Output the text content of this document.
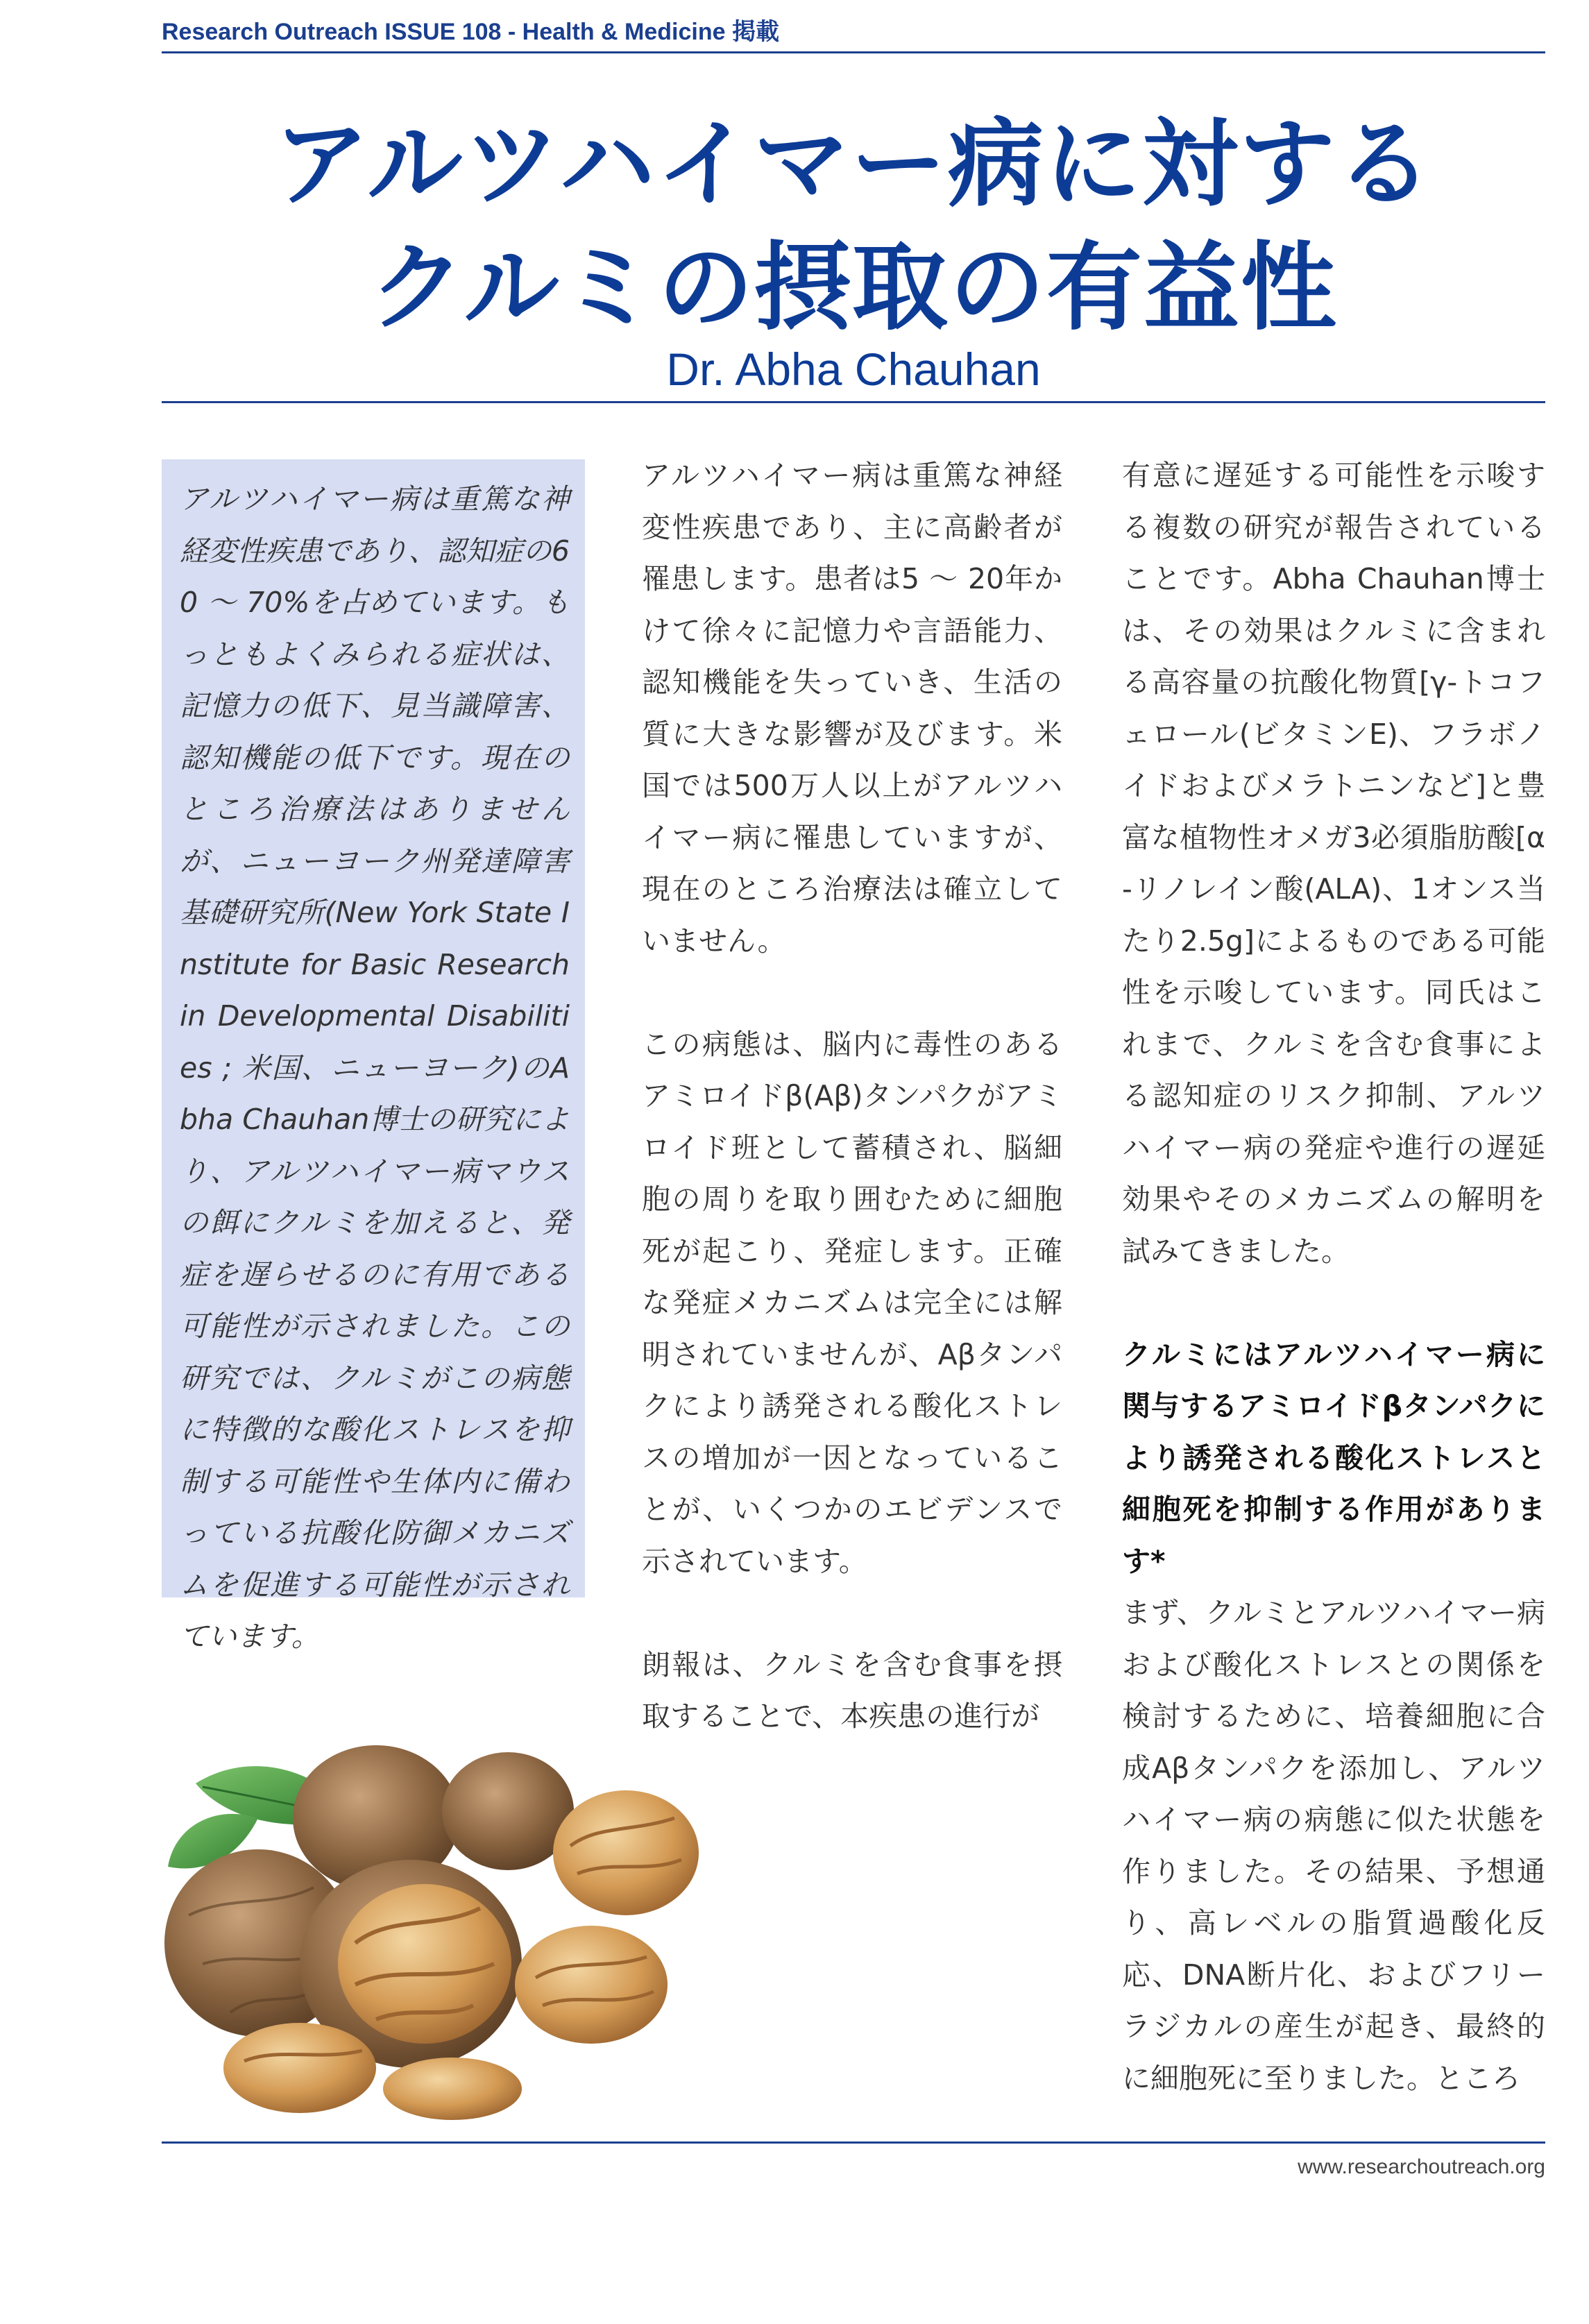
Research Outreach ISSUE 108 - Health & Medicine 掲載
アルツハイマー病に対する
クルミの摂取の有益性
Dr. Abha Chauhan

アルツハイマー病は重篤な神経変性疾患であり、認知症の60 ～ 70%を占めています。もっともよくみられる症状は、記憶力の低下、見当識障害、認知機能の低下です。現在のところ治療法はありませんが、ニューヨーク州発達障害基礎研究所(New York State Institute for Basic Research in Developmental Disabilities ; 米国、ニューヨーク)のAbha Chauhan博士の研究により、アルツハイマー病マウスの餌にクルミを加えると、発症を遅らせるのに有用である可能性が示されました。この研究では、クルミがこの病態に特徴的な酸化ストレスを抑制する可能性や生体内に備わっている抗酸化防御メカニズムを促進する可能性が示されています。

アルツハイマー病は重篤な神経変性疾患であり、主に高齢者が罹患します。患者は5 ～ 20年かけて徐々に記憶力や言語能力、認知機能を失っていき、生活の質に大きな影響が及びます。米国では500万人以上がアルツハイマー病に罹患していますが、現在のところ治療法は確立していません。

この病態は、脳内に毒性のあるアミロイドβ(Aβ)タンパクがアミロイド班として蓄積され、脳細胞の周りを取り囲むために細胞死が起こり、発症します。正確な発症メカニズムは完全には解明されていませんが、Aβタンパクにより誘発される酸化ストレスの増加が一因となっていることが、いくつかのエビデンスで示されています。

朗報は、クルミを含む食事を摂取することで、本疾患の進行が

有意に遅延する可能性を示唆する複数の研究が報告されていることです。Abha Chauhan博士は、その効果はクルミに含まれる高容量の抗酸化物質[γ-トコフェロール(ビタミンE)、フラボノイドおよびメラトニンなど]と豊富な植物性オメガ3必須脂肪酸[α-リノレイン酸(ALA)、1オンス当たり2.5g]によるものである可能性を示唆しています。同氏はこれまで、クルミを含む食事による認知症のリスク抑制、アルツハイマー病の発症や進行の遅延効果やそのメカニズムの解明を試みてきました。

クルミにはアルツハイマー病に関与するアミロイドβタンパクにより誘発される酸化ストレスと細胞死を抑制する作用があります*

まず、クルミとアルツハイマー病および酸化ストレスとの関係を検討するために、培養細胞に合成Aβタンパクを添加し、アルツハイマー病の病態に似た状態を作りました。その結果、予想通り、高レベルの脂質過酸化反応、DNA断片化、およびフリーラジカルの産生が起き、最終的に細胞死に至りました。ところ

www.researchoutreach.org
